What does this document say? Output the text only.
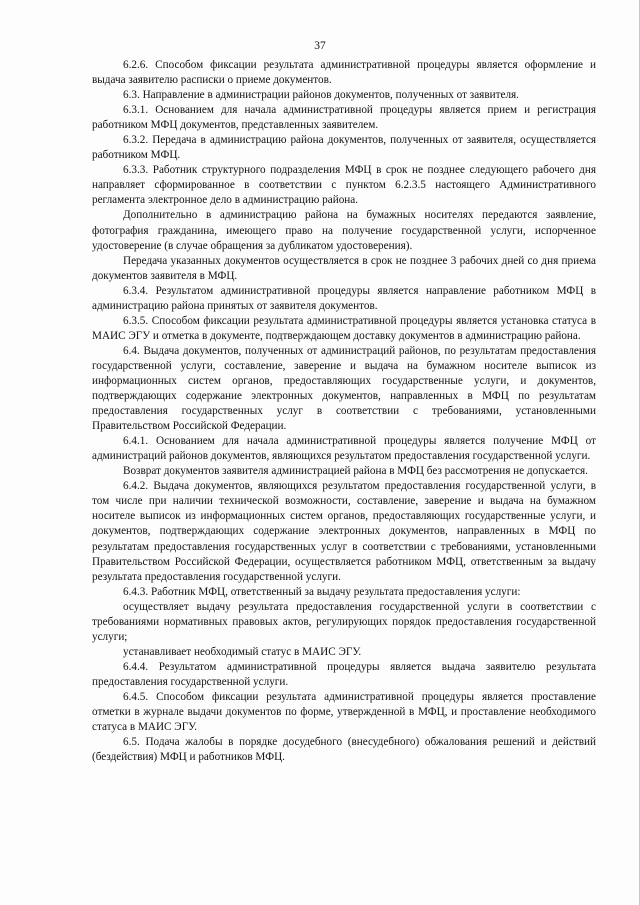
37

6.2.6. Способом фиксации результата административной процедуры является оформление и выдача заявителю расписки о приеме документов.

6.3. Направление в администрации районов документов, полученных от заявителя.

6.3.1. Основанием для начала административной процедуры является прием и регистрация работником МФЦ документов, представленных заявителем.

6.3.2. Передача в администрацию района документов, полученных от заявителя, осуществляется работником МФЦ.

6.3.3. Работник структурного подразделения МФЦ в срок не позднее следующего рабочего дня направляет сформированное в соответствии с пунктом 6.2.3.5 настоящего Административного регламента электронное дело в администрацию района.

Дополнительно в администрацию района на бумажных носителях передаются заявление, фотография гражданина, имеющего право на получение государственной услуги, испорченное удостоверение (в случае обращения за дубликатом удостоверения).

Передача указанных документов осуществляется в срок не позднее 3 рабочих дней со дня приема документов заявителя в МФЦ.

6.3.4. Результатом административной процедуры является направление работником МФЦ в администрацию района принятых от заявителя документов.

6.3.5. Способом фиксации результата административной процедуры является установка статуса в МАИС ЭГУ и отметка в документе, подтверждающем доставку документов в администрацию района.

6.4. Выдача документов, полученных от администраций районов, по результатам предоставления государственной услуги, составление, заверение и выдача на бумажном носителе выписок из информационных систем органов, предоставляющих государственные услуги, и документов, подтверждающих содержание электронных документов, направленных в МФЦ по результатам предоставления государственных услуг в соответствии с требованиями, установленными Правительством Российской Федерации.

6.4.1. Основанием для начала административной процедуры является получение МФЦ от администраций районов документов, являющихся результатом предоставления государственной услуги.

Возврат документов заявителя администрацией района в МФЦ без рассмотрения не допускается.

6.4.2. Выдача документов, являющихся результатом предоставления государственной услуги, в том числе при наличии технической возможности, составление, заверение и выдача на бумажном носителе выписок из информационных систем органов, предоставляющих государственные услуги, и документов, подтверждающих содержание электронных документов, направленных в МФЦ по результатам предоставления государственных услуг в соответствии с требованиями, установленными Правительством Российской Федерации, осуществляется работником МФЦ, ответственным за выдачу результата предоставления государственной услуги.

6.4.3. Работник МФЦ, ответственный за выдачу результата предоставления услуги:

осуществляет выдачу результата предоставления государственной услуги в соответствии с требованиями нормативных правовых актов, регулирующих порядок предоставления государственной услуги;

устанавливает необходимый статус в МАИС ЭГУ.

6.4.4. Результатом административной процедуры является выдача заявителю результата предоставления государственной услуги.

6.4.5. Способом фиксации результата административной процедуры является проставление отметки в журнале выдачи документов по форме, утвержденной в МФЦ, и проставление необходимого статуса в МАИС ЭГУ.

6.5. Подача жалобы в порядке досудебного (внесудебного) обжалования решений и действий (бездействия) МФЦ и работников МФЦ.
